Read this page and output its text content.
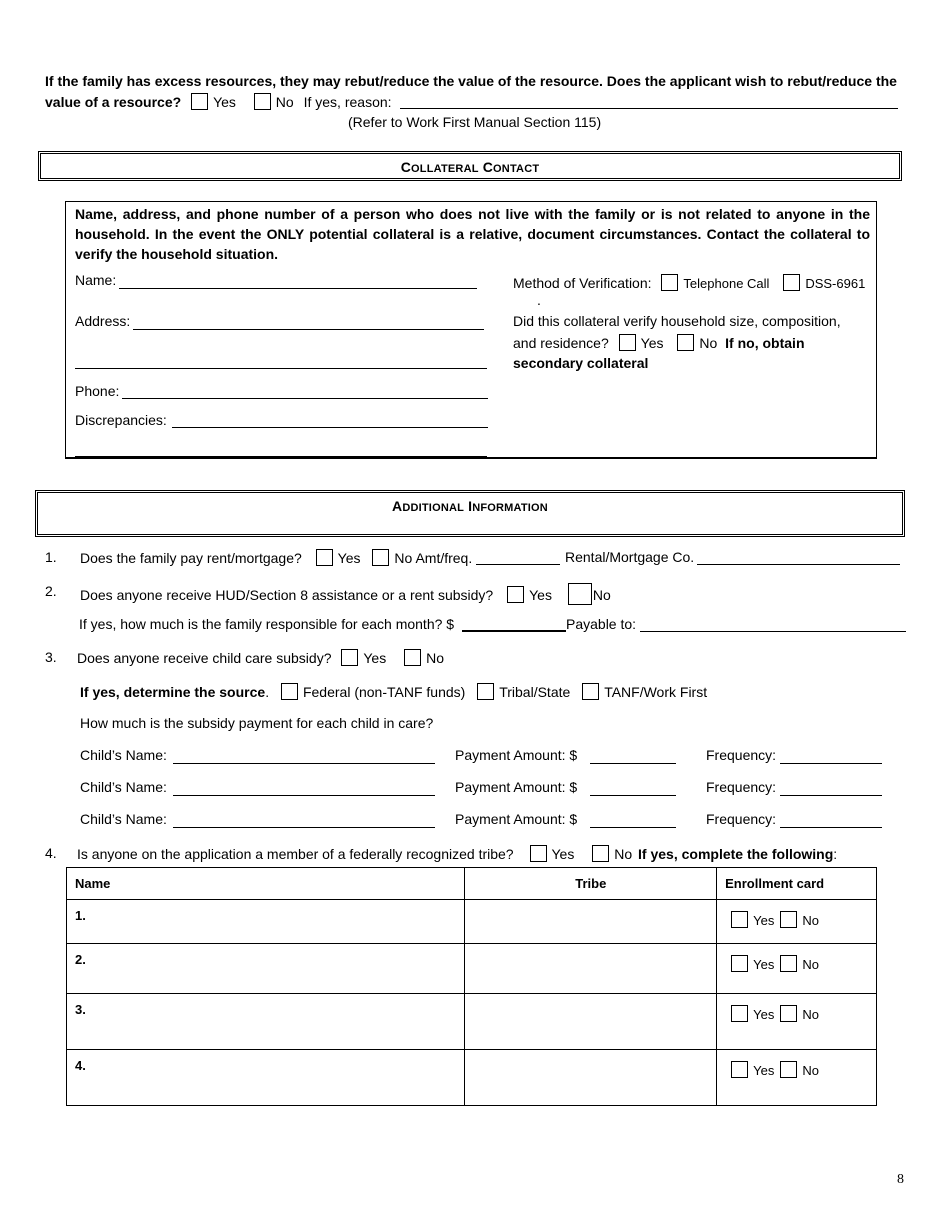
If the family has excess resources, they may rebut/reduce the value of the resource. Does the applicant wish to rebut/reduce the
value of a resource? Yes	No If yes, reason:
(Refer to Work First Manual Section 115)
COLLATERAL CONTACT
Name, address, and phone number of a person who does not live with the family or is not related to anyone in the household. In the event the ONLY potential collateral is a relative, document circumstances. Contact the collateral to verify the household situation.
Name:
Address:
Phone:
Discrepancies:
Method of Verification: Telephone Call	DSS-6961
.
Did this collateral verify household size, composition,
and residence? Yes	No If no, obtain
secondary collateral
ADDITIONAL INFORMATION
1. Does the family pay rent/mortgage?	Yes No Amt/freq.	Rental/Mortgage Co.
2. Does anyone receive HUD/Section 8 assistance or a rent subsidy?	Yes	No
If yes, how much is the family responsible for each month? $	Payable to:
3. Does anyone receive child care subsidy? Yes	No
If yes, determine the source. Federal (non-TANF funds) Tribal/State TANF/Work First
How much is the subsidy payment for each child in care?
Child’s Name:	Payment Amount: $	Frequency:
Child’s Name:	Payment Amount: $	Frequency:
Child’s Name:	Payment Amount: $	Frequency:
4. Is anyone on the application a member of a federally recognized tribe?	Yes	No If yes, complete the following:
Name	Tribe	Enrollment card
1.		Yes No
2.		Yes No
3.		Yes No
4.		Yes No
8
